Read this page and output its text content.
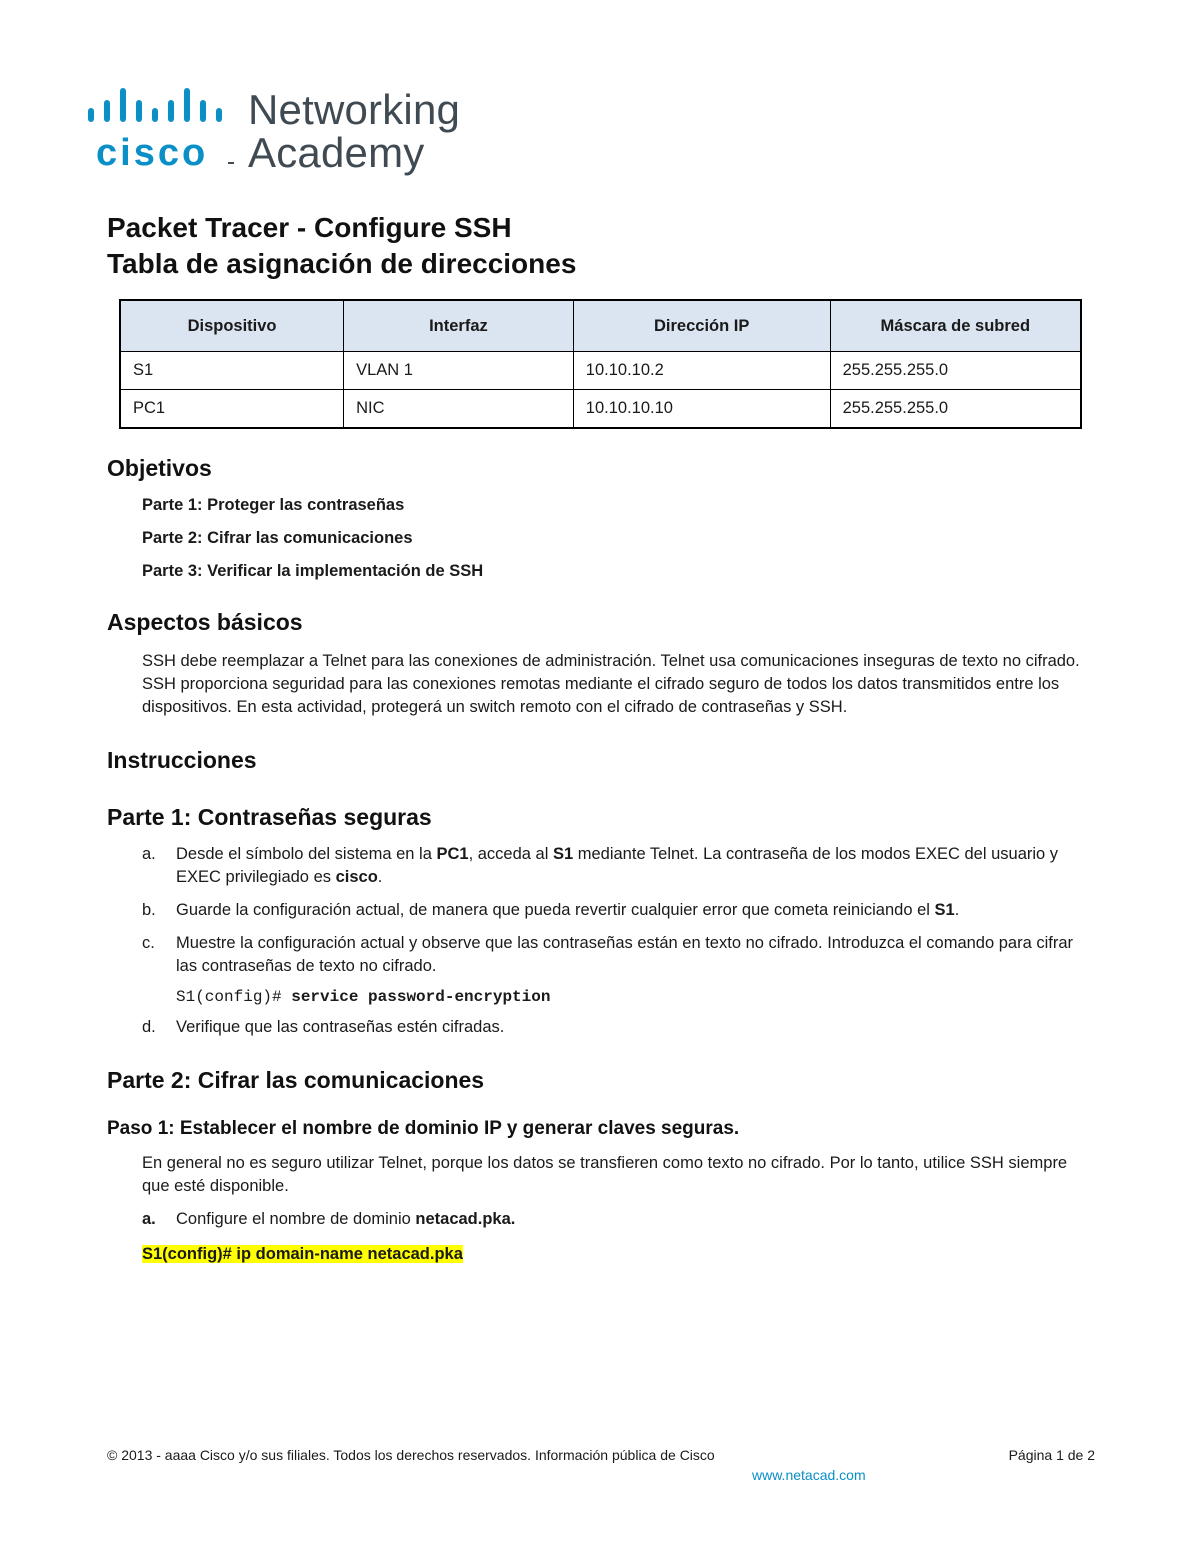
cisco
Networking
Academy
Packet Tracer - Configure SSH
Tabla de asignación de direcciones
Dispositivo	Interfaz	Dirección IP	Máscara de subred
S1	VLAN 1	10.10.10.2	255.255.255.0
PC1	NIC	10.10.10.10	255.255.255.0
Objetivos
Parte 1: Proteger las contraseñas
Parte 2: Cifrar las comunicaciones
Parte 3: Verificar la implementación de SSH
Aspectos básicos
SSH debe reemplazar a Telnet para las conexiones de administración. Telnet usa comunicaciones inseguras de texto no cifrado. SSH proporciona seguridad para las conexiones remotas mediante el cifrado seguro de todos los datos transmitidos entre los dispositivos. En esta actividad, protegerá un switch remoto con el cifrado de contraseñas y SSH.
Instrucciones
Parte 1: Contraseñas seguras
a. Desde el símbolo del sistema en la PC1, acceda al S1 mediante Telnet. La contraseña de los modos EXEC del usuario y EXEC privilegiado es cisco.
b. Guarde la configuración actual, de manera que pueda revertir cualquier error que cometa reiniciando el S1.
c. Muestre la configuración actual y observe que las contraseñas están en texto no cifrado. Introduzca el comando para cifrar las contraseñas de texto no cifrado.
S1(config)# service password-encryption
d. Verifique que las contraseñas estén cifradas.
Parte 2: Cifrar las comunicaciones
Paso 1: Establecer el nombre de dominio IP y generar claves seguras.
En general no es seguro utilizar Telnet, porque los datos se transfieren como texto no cifrado. Por lo tanto, utilice SSH siempre que esté disponible.
a. Configure el nombre de dominio netacad.pka.
S1(config)# ip domain-name netacad.pka
© 2013 - aaaa Cisco y/o sus filiales. Todos los derechos reservados. Información pública de Cisco	Página 1 de 2
www.netacad.com
